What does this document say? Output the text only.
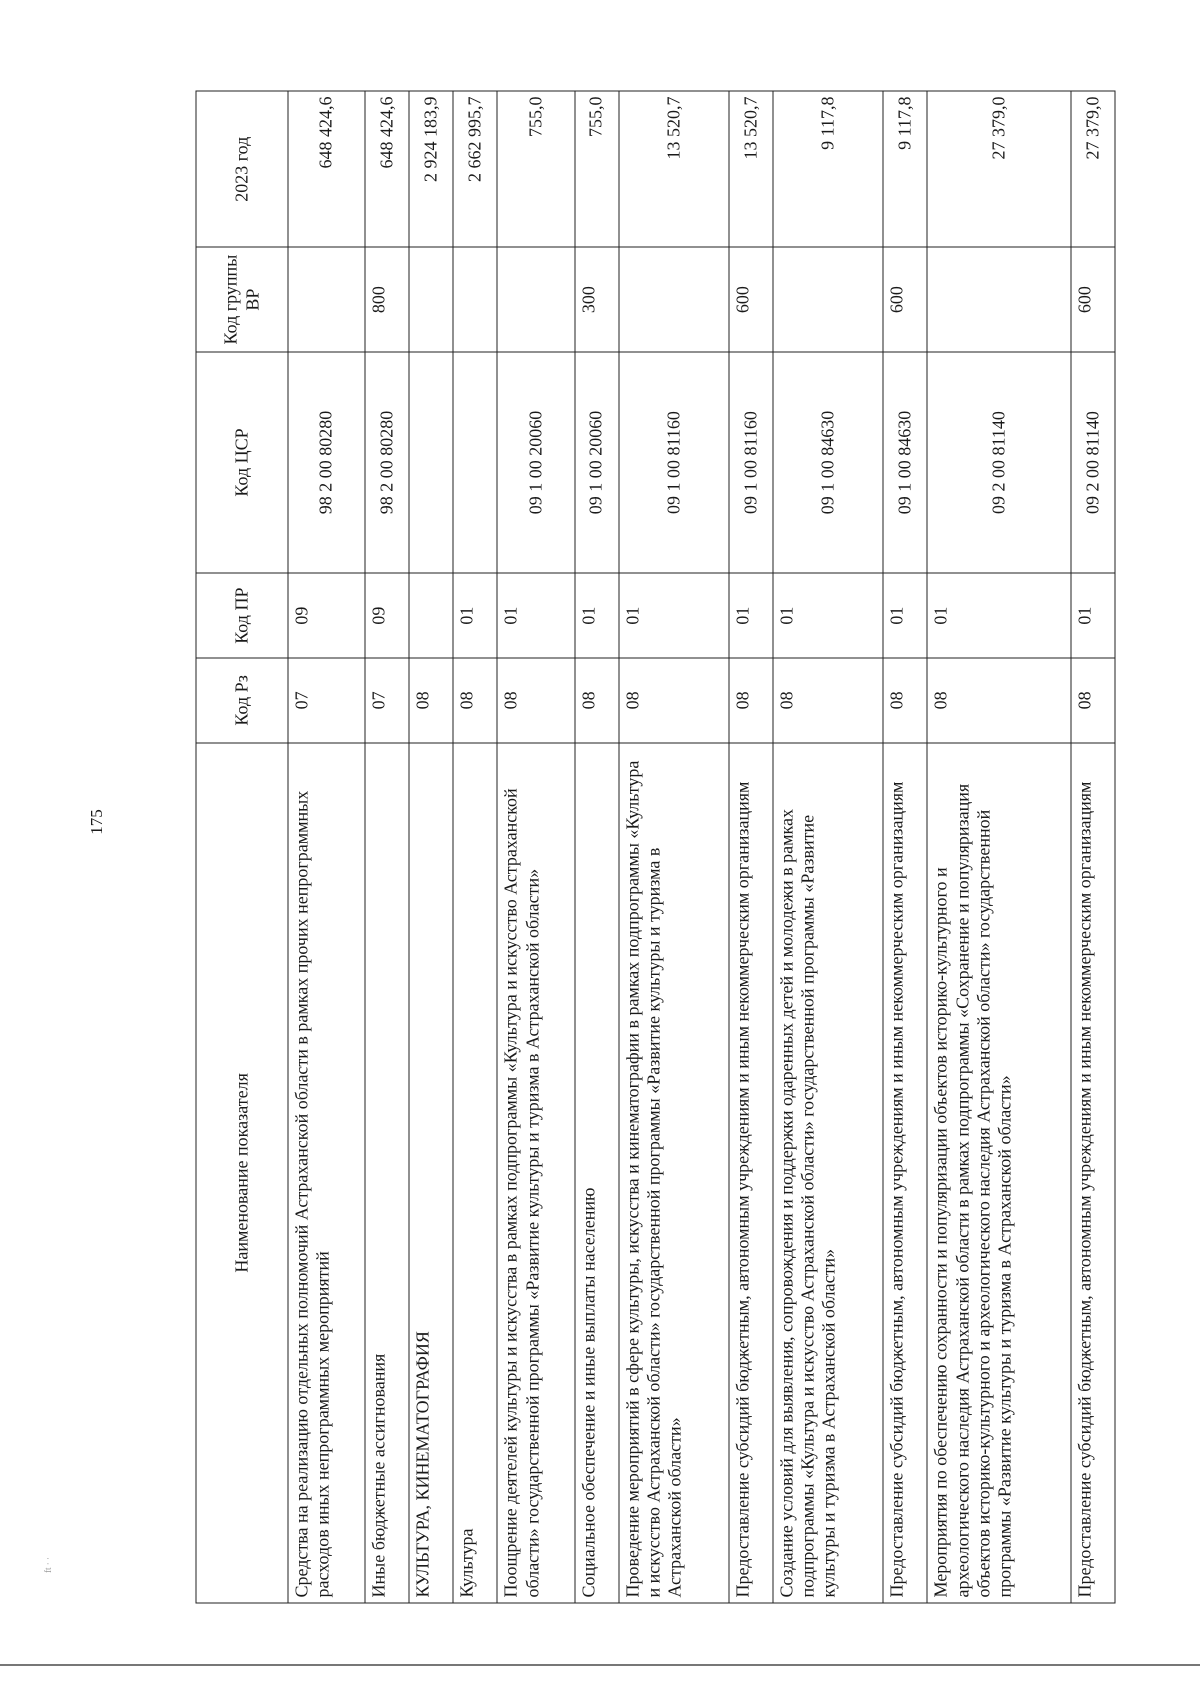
175
ft · ·
Наименование показателя	Код Рз	Код ПР	Код ЦСР	Код группы ВР	2023 год
Средства на реализацию отдельных полномочий Астраханской области в рамках прочих непрограммных расходов иных непрограммных мероприятий	07	09	98 2 00 80280		648 424,6
Иные бюджетные ассигнования	07	09	98 2 00 80280	800	648 424,6
КУЛЬТУРА, КИНЕМАТОГРАФИЯ	08				2 924 183,9
Культура	08	01			2 662 995,7
Поощрение деятелей культуры и искусства в рамках подпрограммы «Культура и искусство Астраханской области» государственной программы «Развитие культуры и туризма в Астраханской области»	08	01	09 1 00 20060		755,0
Социальное обеспечение и иные выплаты населению	08	01	09 1 00 20060	300	755,0
Проведение мероприятий в сфере культуры, искусства и кинематографии в рамках подпрограммы «Культура и искусство Астраханской области» государственной программы «Развитие культуры и туризма в Астраханской области»	08	01	09 1 00 81160		13 520,7
Предоставление субсидий бюджетным, автономным учреждениям и иным некоммерческим организациям	08	01	09 1 00 81160	600	13 520,7
Создание условий для выявления, сопровождения и поддержки одаренных детей и молодежи в рамках подпрограммы «Культура и искусство Астраханской области» государственной программы «Развитие культуры и туризма в Астраханской области»	08	01	09 1 00 84630		9 117,8
Предоставление субсидий бюджетным, автономным учреждениям и иным некоммерческим организациям	08	01	09 1 00 84630	600	9 117,8
Мероприятия по обеспечению сохранности и популяризации объектов историко-культурного и археологического наследия Астраханской области в рамках подпрограммы «Сохранение и популяризация объектов историко-культурного и археологического наследия Астраханской области» государственной программы «Развитие культуры и туризма в Астраханской области»	08	01	09 2 00 81140		27 379,0
Предоставление субсидий бюджетным, автономным учреждениям и иным некоммерческим организациям	08	01	09 2 00 81140	600	27 379,0
